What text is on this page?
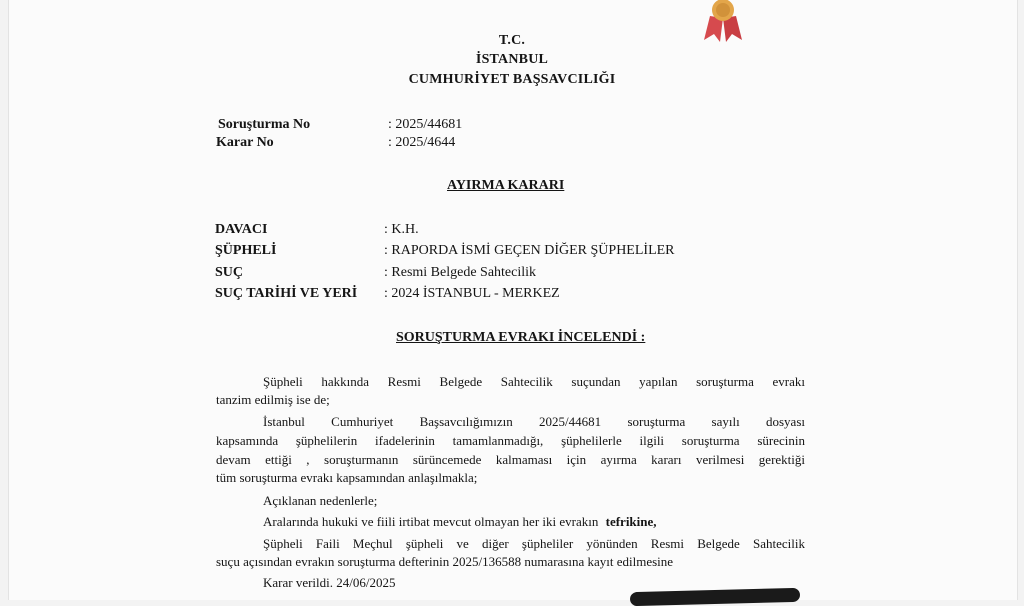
T.C.
İSTANBUL
CUMHURİYET BAŞSAVCILIĞI
Soruşturma No	: 2025/44681
Karar No	: 2025/4644
AYIRMA KARARI
DAVACI	: K.H.
ŞÜPHELİ	: RAPORDA İSMİ GEÇEN DİĞER ŞÜPHELİLER
SUÇ	: Resmi Belgede Sahtecilik
SUÇ TARİHİ VE YERİ : 2024 İSTANBUL - MERKEZ
SORUŞTURMA EVRAKI İNCELENDİ :
Şüpheli hakkında Resmi Belgede Sahtecilik suçundan yapılan soruşturma evrakı
tanzim edilmiş ise de;
İstanbul Cumhuriyet Başsavcılığımızın 2025/44681 soruşturma sayılı dosyası
kapsamında şüphelilerin ifadelerinin tamamlanmadığı, şüphelilerle ilgili soruşturma sürecinin
devam ettiği , soruşturmanın sürüncemede kalmaması için ayırma kararı verilmesi gerektiği
tüm soruşturma evrakı kapsamından anlaşılmakla;
Açıklanan nedenlerle;
Aralarında hukuki ve fiili irtibat mevcut olmayan her iki evrakın tefrikine,
Şüpheli Faili Meçhul şüpheli ve diğer şüpheliler yönünden Resmi Belgede Sahtecilik
suçu açısından evrakın soruşturma defterinin 2025/136588 numarasına kayıt edilmesine
Karar verildi. 24/06/2025
